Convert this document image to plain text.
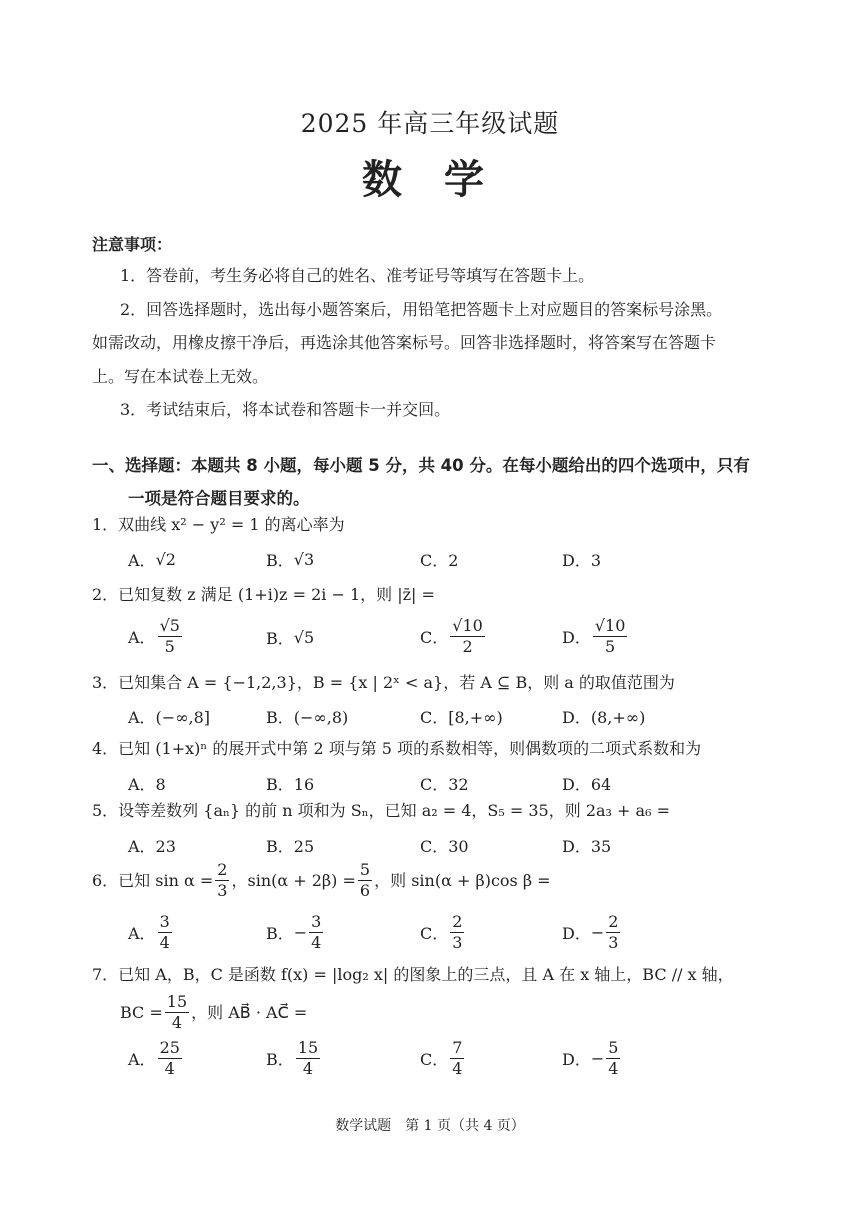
2025 年高三年级试题
数 学
注意事项：
1．答卷前，考生务必将自己的姓名、准考证号等填写在答题卡上。
2．回答选择题时，选出每小题答案后，用铅笔把答题卡上对应题目的答案标号涂黑。
如需改动，用橡皮擦干净后，再选涂其他答案标号。回答非选择题时，将答案写在答题卡
上。写在本试卷上无效。
3．考试结束后，将本试卷和答题卡一并交回。
一、选择题：本题共 8 小题，每小题 5 分，共 40 分。在每小题给出的四个选项中，只有
一项是符合题目要求的。
1．双曲线 x² − y² = 1 的离心率为
A． √2	B． √3	C．2	D．3
2．已知复数 z 满足 (1+i)z = 2i − 1，则 |z̄| =
A． $\frac{√5}{5}$	B． √5	C． $\frac{√10}{2}$	D． $\frac{√10}{5}$
3．已知集合 A = {−1,2,3}，B = {x | 2ˣ < a}，若 A ⊆ B，则 a 的取值范围为
A．(−∞,8]	B．(−∞,8)	C．[8,+∞)	D．(8,+∞)
4．已知 (1+x)ⁿ 的展开式中第 2 项与第 5 项的系数相等，则偶数项的二项式系数和为
A．8	B．16	C．32	D．64
5．设等差数列 {aₙ} 的前 n 项和为 Sₙ，已知 a₂ = 4，S₅ = 35，则 2a₃ + a₆ =
A．23	B．25	C．30	D．35
6．已知 $\sin \alpha = \frac{2}{3}$ ，$\sin(\alpha + 2\beta) = \frac{5}{6}$ ，则 sin(α + β)cos β =
A． $\frac{3}{4}$	B． − $\frac{3}{4}$	C． $\frac{2}{3}$	D． − $\frac{2}{3}$
7．已知 A，B，C 是函数 f(x) = |log₂ x| 的图象上的三点，且 A 在 x 轴上，BC // x 轴，
BC = $\frac{15}{4}$ ，则 AB⃗ · AC⃗ =
A． $\frac{25}{4}$	B． $\frac{15}{4}$	C． $\frac{7}{4}$	D． − $\frac{5}{4}$
数学试题　第 1 页（共 4 页）
